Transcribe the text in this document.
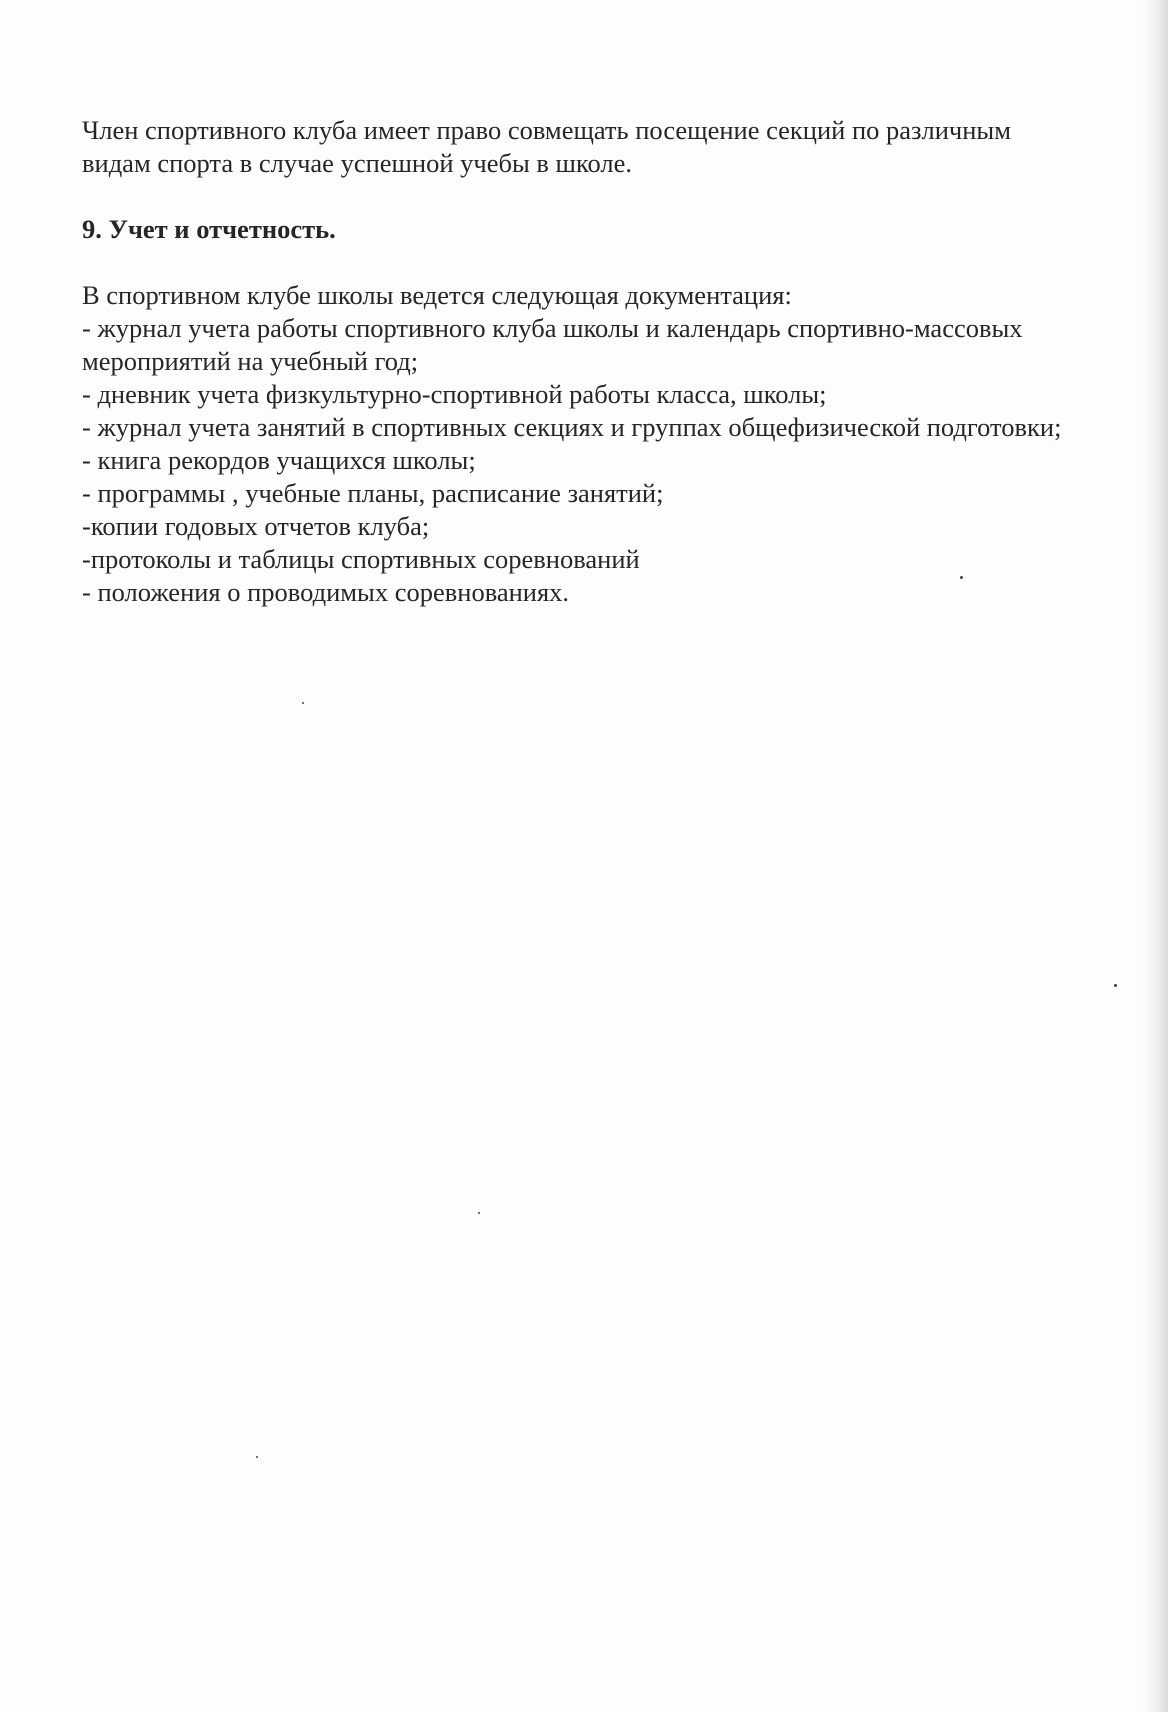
Член спортивного клуба имеет право совмещать посещение секций по различным видам спорта в случае успешной учебы в школе.

9. Учет и отчетность.

В спортивном клубе школы ведется следующая документация:

- журнал учета работы спортивного клуба школы и календарь спортивно-массовых мероприятий на учебный год;
- дневник учета физкультурно-спортивной работы класса, школы;
- журнал учета занятий в спортивных секциях и группах общефизической подготовки;
- книга рекордов учащихся школы;
- программы , учебные планы, расписание занятий;
-копии годовых отчетов клуба;
-протоколы и таблицы спортивных соревнований
- положения о проводимых соревнованиях.
